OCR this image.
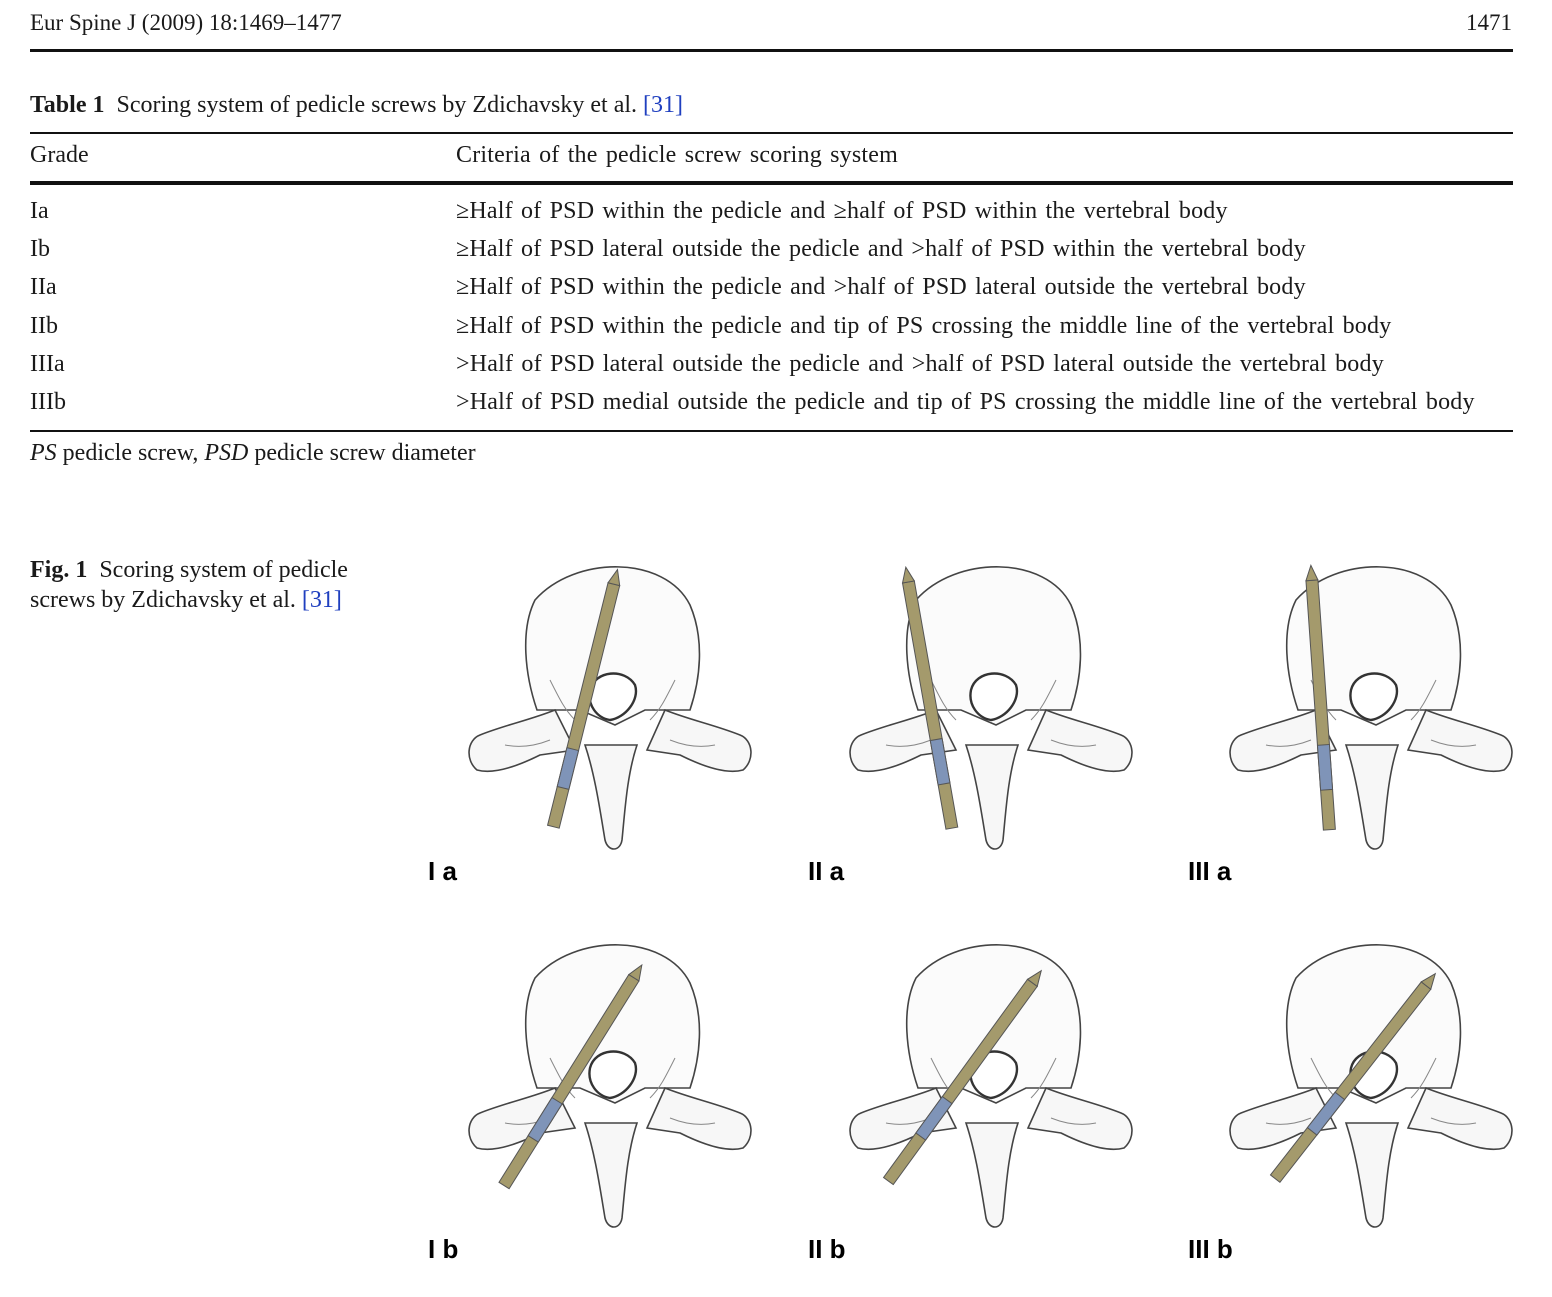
Eur Spine J (2009) 18:1469–1477	1471
Table 1 Scoring system of pedicle screws by Zdichavsky et al. [31]
Grade	Criteria of the pedicle screw scoring system
Ia	≥Half of PSD within the pedicle and ≥half of PSD within the vertebral body
Ib	≥Half of PSD lateral outside the pedicle and >half of PSD within the vertebral body
IIa	≥Half of PSD within the pedicle and >half of PSD lateral outside the vertebral body
IIb	≥Half of PSD within the pedicle and tip of PS crossing the middle line of the vertebral body
IIIa	>Half of PSD lateral outside the pedicle and >half of PSD lateral outside the vertebral body
IIIb	>Half of PSD medial outside the pedicle and tip of PS crossing the middle line of the vertebral body
PS pedicle screw, PSD pedicle screw diameter
Fig. 1 Scoring system of pedicle screws by Zdichavsky et al. [31]
I a	II a	III a
I b	II b	III b
